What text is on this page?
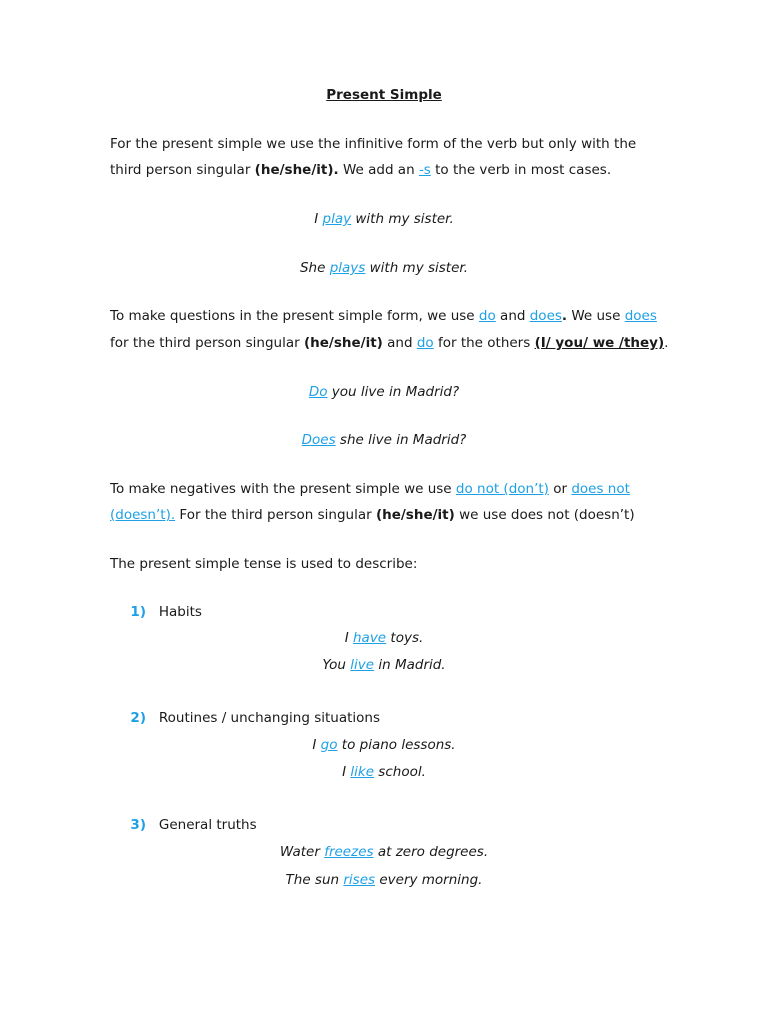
Present Simple
For the present simple we use the infinitive form of the verb but only with the
third person singular (he/she/it). We add an -s to the verb in most cases.
I play with my sister.
She plays with my sister.
To make questions in the present simple form, we use do and does. We use does
for the third person singular (he/she/it) and do for the others (I/ you/ we /they).
Do you live in Madrid?
Does she live in Madrid?
To make negatives with the present simple we use do not (don’t) or does not
(doesn’t). For the third person singular (he/she/it) we use does not (doesn’t)
The present simple tense is used to describe:
1) Habits
I have toys.
You live in Madrid.
2) Routines / unchanging situations
I go to piano lessons.
I like school.
3) General truths
Water freezes at zero degrees.
The sun rises every morning.
